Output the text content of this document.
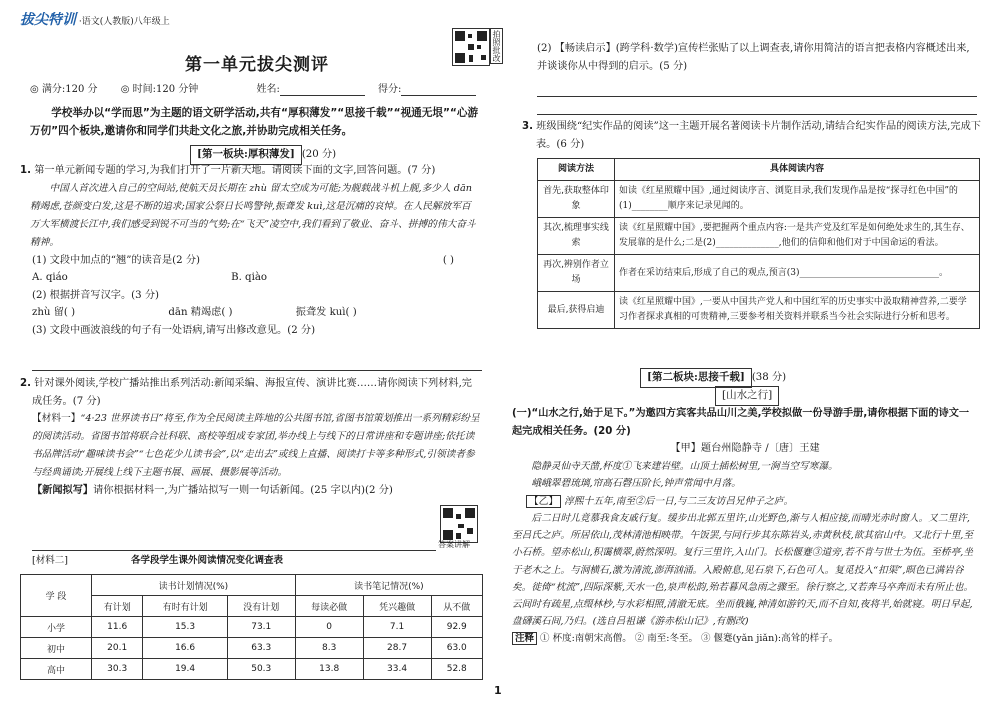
拔尖特训 ·语文(人教版)八年级上
拍照批改
第一单元拔尖测评
◎ 满分:120 分 ◎ 时间:120 分钟	姓名:	得分:
学校举办以“学而思”为主题的语文研学活动,共有“厚积薄发”“思接千载”“视通无垠”“心游万仞”四个板块,邀请你和同学们共赴文化之旅,并协助完成相关任务。
[第一板块:厚积薄发] (20 分)
1. 第一单元新闻专题的学习,为我们打开了一片新天地。请阅读下面的文字,回答问题。(7 分)
中国人首次进入自己的空间站,使航天员长期在 zhù 留太空成为可能;为舰载战斗机上舰,多少人 dān 精竭虑,苍颜变白发,这是不断的追求;国家公祭日长鸣警钟,振聋发 kuì,这是沉痛的哀悼。在人民解放军百万大军横渡长江中,我们感受到锐不可当的气势;在“飞天”凌空中,我们看到了敬业、奋斗、拼搏的伟大奋斗精神。
(1) 文段中加点的“翘”的读音是(2 分)	( )
A. qiáo	B. qiào
(2) 根据拼音写汉字。(3 分)
zhù 留( )	dān 精竭虑( )	振聋发 kuì( )
(3) 文段中画波浪线的句子有一处语病,请写出修改意见。(2 分)
2. 针对课外阅读,学校广播站推出系列活动:新闻采编、海报宣传、演讲比赛……请你阅读下列材料,完成任务。(7 分)
【材料一】“4·23 世界读书日”将至,作为全民阅读主阵地的公共图书馆,省图书馆策划推出一系列精彩纷呈的阅读活动。省图书馆将联合社科联、高校等组成专家团,举办线上与线下的日常讲座和专题讲座;依托读书品牌活动“趣味读书会”“七色花少儿读书会”,以“走出去”或线上直播、阅读打卡等多种形式,引领读者参与经典诵读;开展线上线下主题书展、画展、摄影展等活动。
【新闻拟写】请你根据材料一,为广播站拟写一则一句话新闻。(25 字以内)(2 分)
答案讲解
[材料二]	各学段学生课外阅读情况变化调查表
学 段	读书计划情况(%)			读书笔记情况(%)		
	有计划	有时有计划	没有计划	每读必做	凭兴趣做	从不做
小学	11.6	15.3	73.1	0	7.1	92.9
初中	20.1	16.6	63.3	8.3	28.7	63.0
高中	30.3	19.4	50.3	13.8	33.4	52.8
(2) 【畅读启示】(跨学科·数学)宣传栏张贴了以上调查表,请你用简洁的语言把表格内容概述出来,并谈谈你从中得到的启示。(5 分)
3. 班级围绕“纪实作品的阅读”这一主题开展名著阅读卡片制作活动,请结合纪实作品的阅读方法,完成下表。(6 分)
阅读方法	具体阅读内容
首先,获取整体印象	如读《红星照耀中国》,通过阅读序言、浏览目录,我们发现作品是按“探寻红色中国”的(1)________顺序来记录见闻的。
其次,梳理事实线索	读《红星照耀中国》,要把握两个重点内容:一是共产党及红军是如何绝处求生的,其生存、发展靠的是什么;二是(2)______________,他们的信仰和他们对于中国命运的看法。
再次,辨别作者立场	作者在采访结束后,形成了自己的观点,预言(3)_______________________________。
最后,获得启迪	读《红星照耀中国》,一要从中国共产党人和中国红军的历史事实中汲取精神营养,二要学习作者探求真相的可贵精神,三要参考相关资料并联系当今社会实际进行分析和思考。
[第二板块:思接千载] (38 分)
[山水之行]
(一)“山水之行,始于足下。”为邀四方宾客共品山川之美,学校拟做一份导游手册,请你根据下面的诗文一起完成相关任务。(20 分)
【甲】题台州隐静寺 /〔唐〕王建
隐静灵仙寺天凿,杯度①飞来建岩壁。山顶土插松树里,一涧当空写寒瀑。
峨峨翠碧琉璃,帘高石磬压阶长,钟声常闻中月落。
【乙】 淳熙十五年,南至②后一日,与二三友访吕兄仲子之庐。
后二日时儿竟慕我食友戚行复。缓步出北郭五里许,山光野色,渐与人相应接,而晴光赤时窗人。又二里许,至吕氏之庐。所居依山,茂林清池相映带。午饭罢,与同行步其东陈岩头,赤黄秋枝,欲其宿山中。又北行十里,至小石桥。望赤松山,积霭横翠,蔚然深明。复行三里许,入山门。长松偃蹇③道旁,若不肯与世士为伍。至桥亭,坐于老木之上。与洞横石,激为清流,澎湃汹涌。入殿俯息,见石泉下,石色可人。复觅投入“扣渠”,暝色已满岩谷矣。徙倚“枕流”,四际深紫,天水一色,泉声松韵,殆若暮风急雨之骤至。徐行察之,又若奔马卒奔而未有所止也。云间时有疏星,点缀林杪,与水彩相照,清澈无底。坐而俄巍,神清如游钓天,而不自知,夜将半,始就寝。明日早起,盘礴溪石间,乃归。(选自吕祖谦《游赤松山记》,有删改)
注释 ① 杯度:南朝宋高僧。 ② 南至:冬至。 ③ 偃蹇(yǎn jiǎn):高耸的样子。
1
